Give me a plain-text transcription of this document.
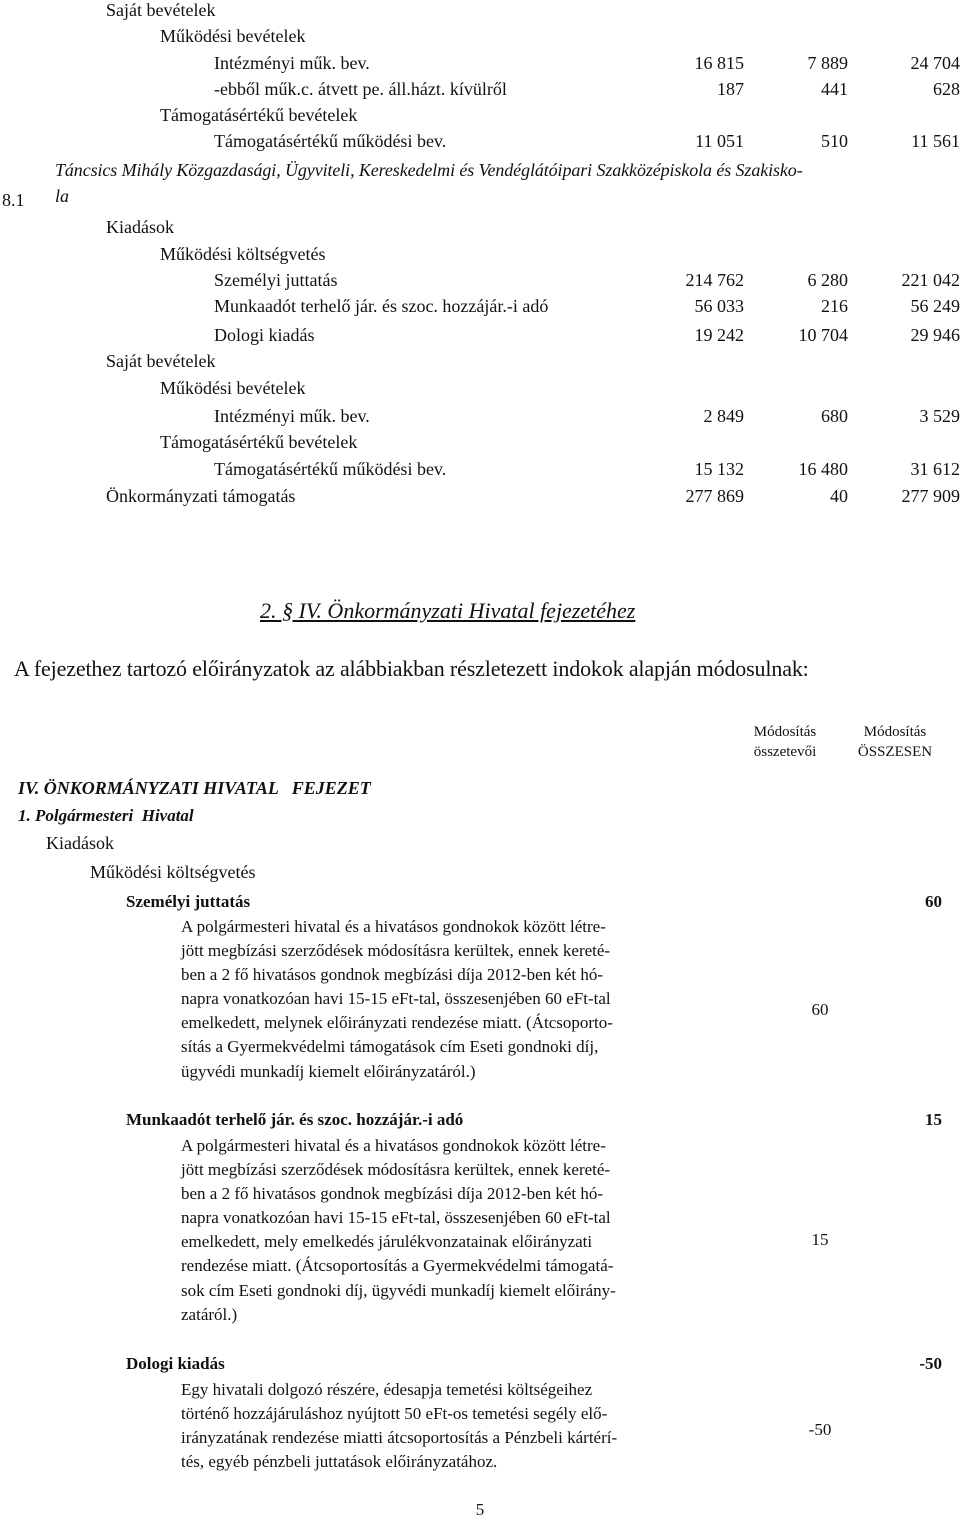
Saját bevételek
Működési bevételek
Intézményi műk. bev.	16 815	7 889	24 704
-ebből műk.c. átvett pe. áll.házt. kívülről	187	441	628
Támogatásértékű bevételek
Támogatásértékű működési bev.	11 051	510	11 561
8.1
Táncsics Mihály Közgazdasági, Ügyviteli, Kereskedelmi és Vendéglátóipari Szakközépiskola és Szakisko-
la
Kiadások
Működési költségvetés
Személyi juttatás	214 762	6 280	221 042
Munkaadót terhelő jár. és szoc. hozzájár.-i adó	56 033	216	56 249
Dologi kiadás	19 242	10 704	29 946
Saját bevételek
Működési bevételek
Intézményi műk. bev.	2 849	680	3 529
Támogatásértékű bevételek
Támogatásértékű működési bev.	15 132	16 480	31 612
Önkormányzati támogatás	277 869	40	277 909
2. § IV. Önkormányzati Hivatal fejezetéhez
A fejezethez tartozó előirányzatok az alábbiakban részletezett indokok alapján módosulnak:
Módosítás
összetevői
Módosítás
ÖSSZESEN
IV. ÖNKORMÁNYZATI HIVATAL   FEJEZET
1. Polgármesteri  Hivatal
Kiadások
Működési költségvetés
Személyi juttatás	60
A polgármesteri hivatal és a hivatásos gondnokok között létre-
jött megbízási szerződések módosításra kerültek, ennek kereté-
ben a 2 fő hivatásos gondnok megbízási díja 2012-ben két hó-
napra vonatkozóan havi 15-15 eFt-tal, összesenjében 60 eFt-tal
emelkedett, melynek előirányzati rendezése miatt. (Átcsoporto-
sítás a Gyermekvédelmi támogatások cím Eseti gondnoki díj,
ügyvédi munkadíj kiemelt előirányzatáról.)
60
Munkaadót terhelő jár. és szoc. hozzájár.-i adó	15
A polgármesteri hivatal és a hivatásos gondnokok között létre-
jött megbízási szerződések módosításra kerültek, ennek kereté-
ben a 2 fő hivatásos gondnok megbízási díja 2012-ben két hó-
napra vonatkozóan havi 15-15 eFt-tal, összesenjében 60 eFt-tal
emelkedett, mely emelkedés járulékvonzatainak előirányzati
rendezése miatt. (Átcsoportosítás a Gyermekvédelmi támogatá-
sok cím Eseti gondnoki díj, ügyvédi munkadíj kiemelt előirány-
zatáról.)
15
Dologi kiadás	-50
Egy hivatali dolgozó részére, édesapja temetési költségeihez
történő hozzájáruláshoz nyújtott 50 eFt-os temetési segély elő-
irányzatának rendezése miatti átcsoportosítás a Pénzbeli kártérí-
tés, egyéb pénzbeli juttatások előirányzatához.
-50
5
